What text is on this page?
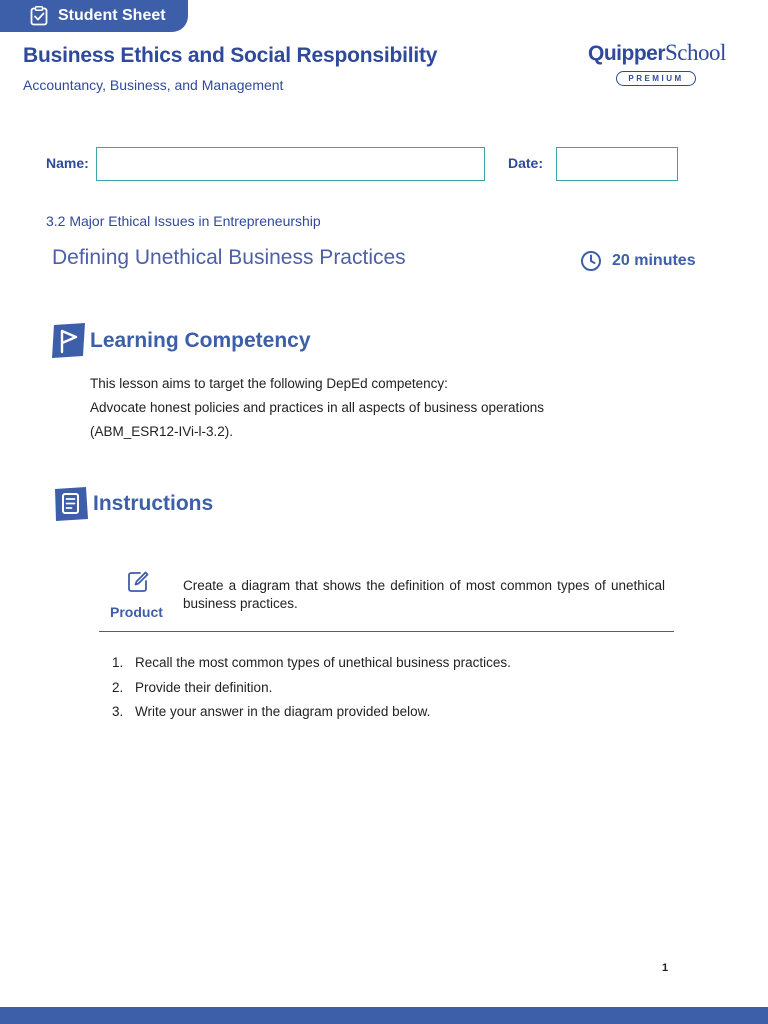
Student Sheet
Business Ethics and Social Responsibility
Accountancy, Business, and Management
QuipperSchool
PREMIUM
Name:	Date:
3.2 Major Ethical Issues in Entrepreneurship
Defining Unethical Business Practices	20 minutes
Learning Competency
This lesson aims to target the following DepEd competency:
Advocate honest policies and practices in all aspects of business operations
(ABM_ESR12-IVi-l-3.2).
Instructions
Product
Create a diagram that shows the definition of most common types of unethical business practices.
1. Recall the most common types of unethical business practices.
2. Provide their definition.
3. Write your answer in the diagram provided below.
1
